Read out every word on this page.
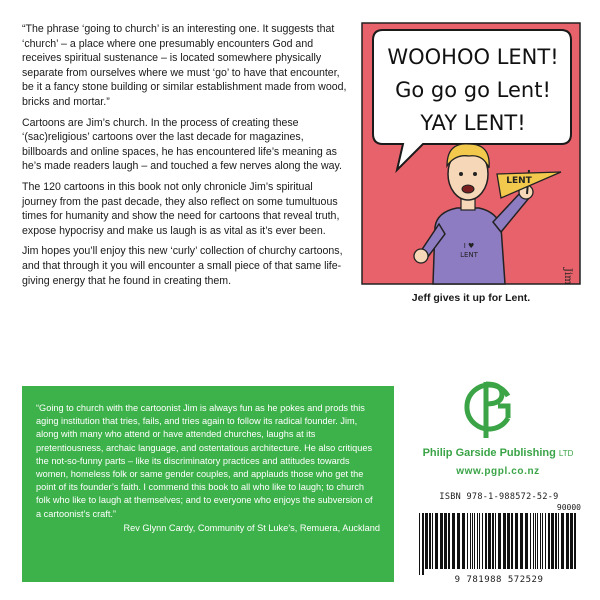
“The phrase ‘going to church’ is an interesting one. It suggests that ‘church’ – a place where one presumably encounters God and receives spiritual sustenance – is located somewhere physically separate from ourselves where we must ‘go’ to have that encounter, be it a fancy stone building or similar establishment made from wood, bricks and mortar.”

Cartoons are Jim’s church. In the process of creating these ‘(sac)religious’ cartoons over the last decade for magazines, billboards and online spaces, he has encountered life’s meaning as he’s made readers laugh – and touched a few nerves along the way.

The 120 cartoons in this book not only chronicle Jim’s spiritual journey from the past decade, they also reflect on some tumultuous times for humanity and show the need for cartoons that reveal truth, expose hypocrisy and make us laugh is as vital as it’s ever been.

Jim hopes you’ll enjoy this new ‘curly’ collection of churchy cartoons, and that through it you will encounter a small piece of that same life-giving energy that he found in creating them.

WOOHOO LENT!
Go go go Lent!
YAY LENT!
I ♥
LENT
LENT
Jim
Jeff gives it up for Lent.

“Going to church with the cartoonist Jim is always fun as he pokes and prods this aging institution that tries, fails, and tries again to follow its radical founder. Jim, along with many who attend or have attended churches, laughs at its pretentiousness, archaic language, and ostentatious architecture. He also critiques the not-so-funny parts – like its discriminatory practices and attitudes towards women, homeless folk or same gender couples, and applauds those who get the point of its founder’s faith. I commend this book to all who like to laugh; to church folk who like to laugh at themselves; and to everyone who enjoys the subversion of a cartoonist’s craft.”

Rev Glynn Cardy, Community of St Luke’s, Remuera, Auckland

Philip Garside Publishing LTD
www.pgpl.co.nz
ISBN 978-1-988572-52-9
90000
9 781988 572529
